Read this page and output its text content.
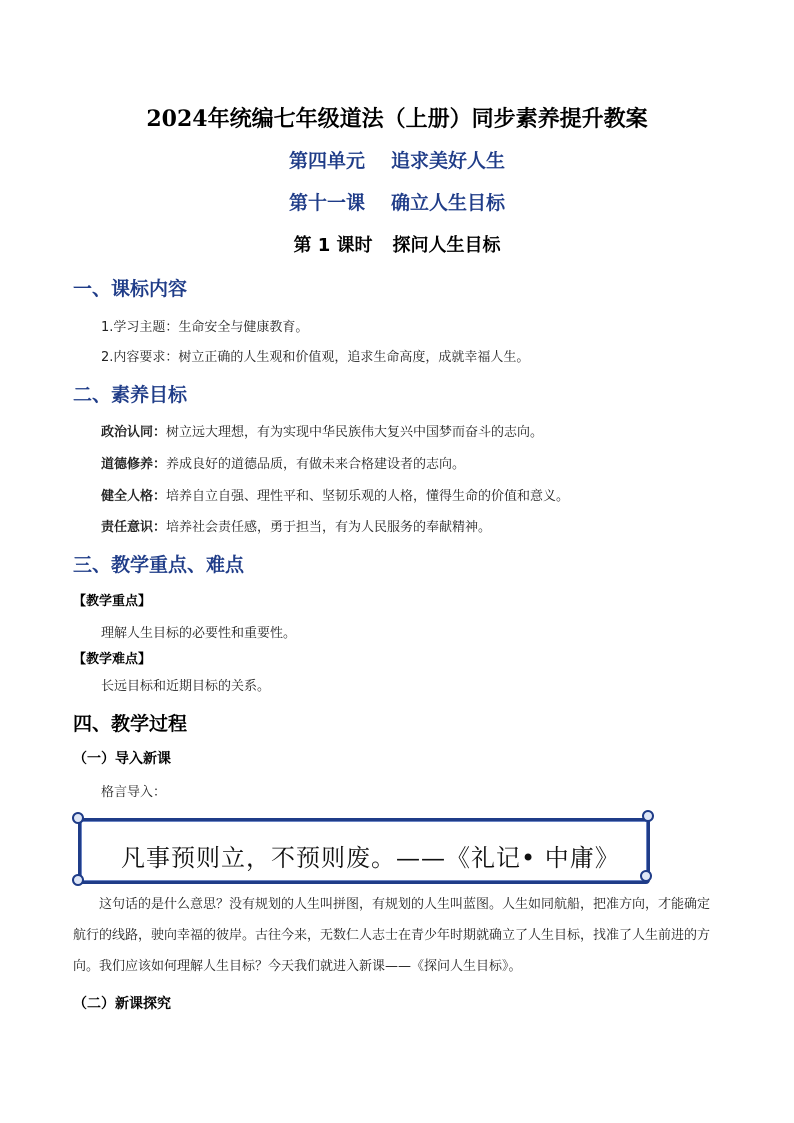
2024年统编七年级道法（上册）同步素养提升教案
第四单元 追求美好人生
第十一课 确立人生目标
第 1 课时 探问人生目标
一、课标内容
1.学习主题：生命安全与健康教育。
2.内容要求：树立正确的人生观和价值观，追求生命高度，成就幸福人生。
二、素养目标
政治认同：树立远大理想，有为实现中华民族伟大复兴中国梦而奋斗的志向。
道德修养：养成良好的道德品质，有做未来合格建设者的志向。
健全人格：培养自立自强、理性平和、坚韧乐观的人格，懂得生命的价值和意义。
责任意识：培养社会责任感，勇于担当，有为人民服务的奉献精神。
三、教学重点、难点
【教学重点】
理解人生目标的必要性和重要性。
【教学难点】
长远目标和近期目标的关系。
四、教学过程
（一）导入新课
格言导入：
凡事预则立，不预则废。——《礼记• 中庸》
这句话的是什么意思？没有规划的人生叫拼图，有规划的人生叫蓝图。人生如同航船，把准方向，才能确定航行的线路，驶向幸福的彼岸。古往今来，无数仁人志士在青少年时期就确立了人生目标，找准了人生前进的方向。我们应该如何理解人生目标？今天我们就进入新课——《探问人生目标》。
（二）新课探究
